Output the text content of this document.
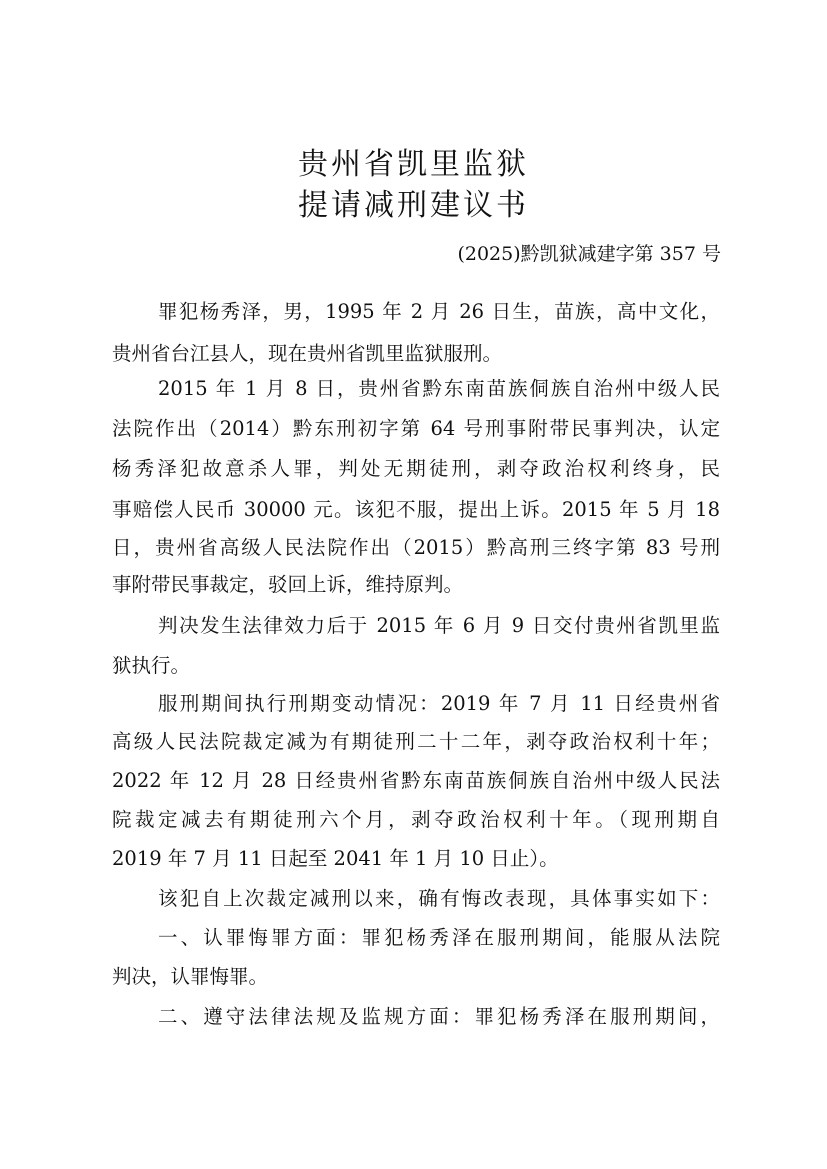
贵州省凯里监狱
提请减刑建议书
(2025)黔凯狱减建字第 357 号
罪犯杨秀泽，男，1995 年 2 月 26 日生，苗族，高中文化，
贵州省台江县人，现在贵州省凯里监狱服刑。
2015 年 1 月 8 日，贵州省黔东南苗族侗族自治州中级人民
法院作出（2014）黔东刑初字第 64 号刑事附带民事判决，认定
杨秀泽犯故意杀人罪，判处无期徒刑，剥夺政治权利终身，民
事赔偿人民币 30000 元。该犯不服，提出上诉。2015 年 5 月 18
日，贵州省高级人民法院作出（2015）黔高刑三终字第 83 号刑
事附带民事裁定，驳回上诉，维持原判。
判决发生法律效力后于 2015 年 6 月 9 日交付贵州省凯里监
狱执行。
服刑期间执行刑期变动情况：2019 年 7 月 11 日经贵州省
高级人民法院裁定减为有期徒刑二十二年，剥夺政治权利十年；
2022 年 12 月 28 日经贵州省黔东南苗族侗族自治州中级人民法
院裁定减去有期徒刑六个月，剥夺政治权利十年。（现刑期自
2019 年 7 月 11 日起至 2041 年 1 月 10 日止）。
该犯自上次裁定减刑以来，确有悔改表现，具体事实如下：
一、认罪悔罪方面：罪犯杨秀泽在服刑期间，能服从法院
判决，认罪悔罪。
二、遵守法律法规及监规方面：罪犯杨秀泽在服刑期间，
